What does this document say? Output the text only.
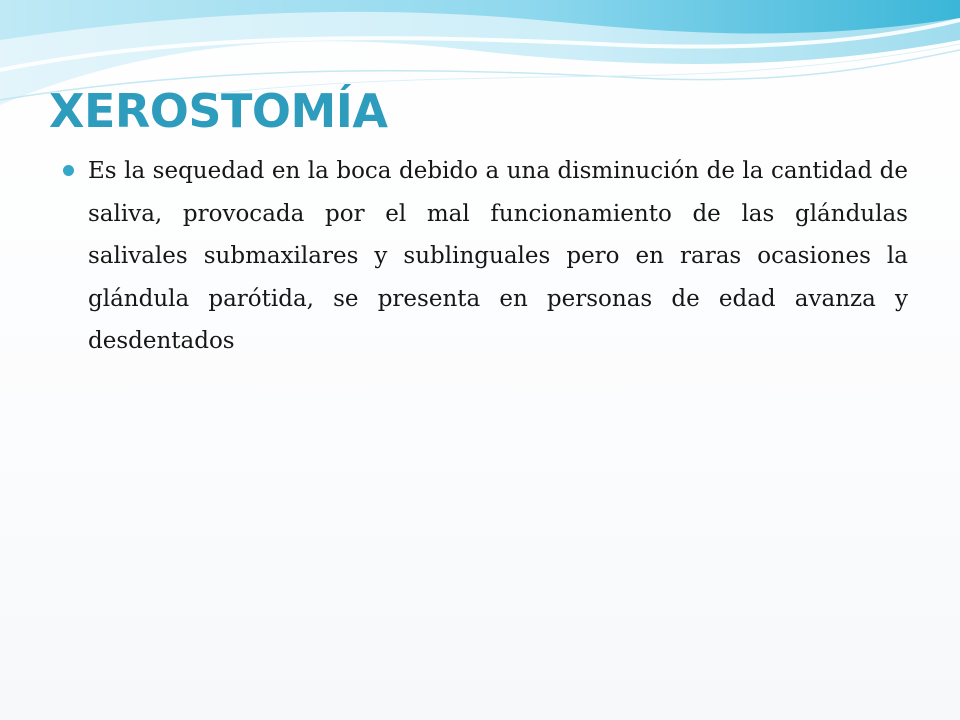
XEROSTOMÍA
Es la sequedad en la boca debido a una disminución de la cantidad de saliva, provocada por el mal funcionamiento de las glándulas salivales submaxilares y sublinguales pero en raras ocasiones la glándula parótida, se presenta en personas de edad avanza y desdentados
